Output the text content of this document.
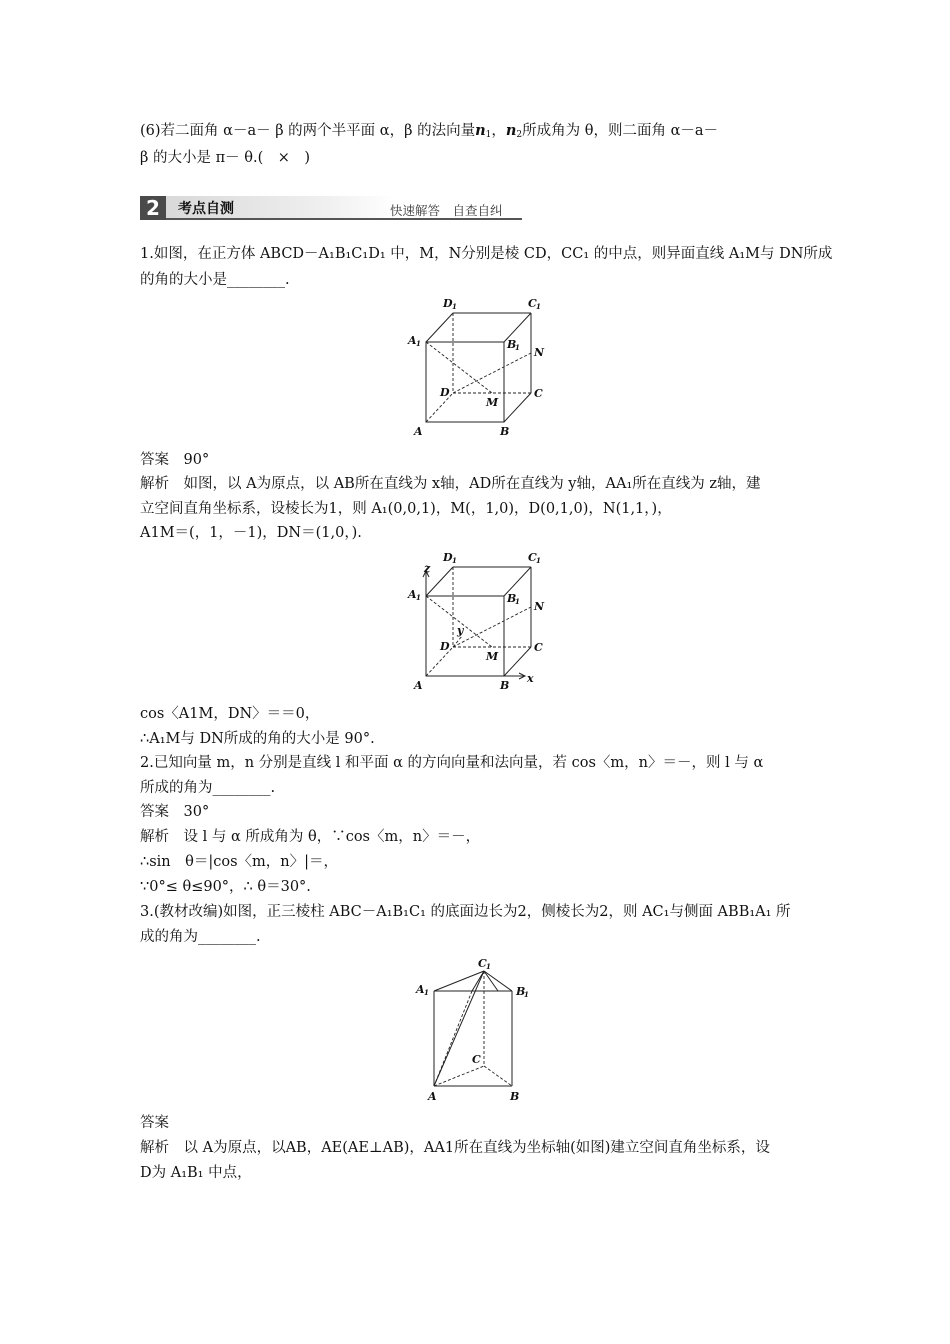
(6)若二面角 α－a－ β 的两个半平面 α，β 的法向量$n_1$，$n_2$所成角为 θ，则二面角 α－a－
β 的大小是 π－ θ.(　×　)
2	考点自测	快速解答　自查自纠
1.如图，在正方体 ABCD－A₁B₁C₁D₁ 中，M，N分别是棱 CD，CC₁ 的中点，则异面直线 A₁M与 DN所成
的角的大小是________.
D 1	C 1
A 1	B
1 N
D
M
C
A	B
答案　90°
解析　如图，以 A为原点，以 AB所在直线为 x轴，AD所在直线为 y轴，AA₁所在直线为 z轴，建
立空间直角坐标系，设棱长为1，则 A₁(0,0,1)，M(，1,0)，D(0,1,0)，N(1,1，)，
A1M＝(，1，－1)，DN＝(1,0，).
z
D 1	C 1
A 1	B
1 N
y
D
M
C
A	B
x
cos〈A1M，DN〉＝＝0，
∴A₁M与 DN所成的角的大小是 90°.
2.已知向量 m，n 分别是直线 l 和平面 α 的方向向量和法向量，若 cos〈m，n〉＝－，则 l 与 α
所成的角为________.
答案　30°
解析　设 l 与 α 所成角为 θ，∵cos〈m，n〉＝－，
∴sin　θ＝|cos〈m，n〉|＝，
∵0°≤ θ≤90°，∴ θ＝30°.
3.(教材改编)如图，正三棱柱 ABC－A₁B₁C₁ 的底面边长为2，侧棱长为2，则 AC₁与侧面 ABB₁A₁ 所
成的角为________.
C 1
A 1	B
1
C
A	B
答案
解析　以 A为原点，以AB，AE(AE⊥AB)，AA1所在直线为坐标轴(如图)建立空间直角坐标系，设
D为 A₁B₁ 中点，
